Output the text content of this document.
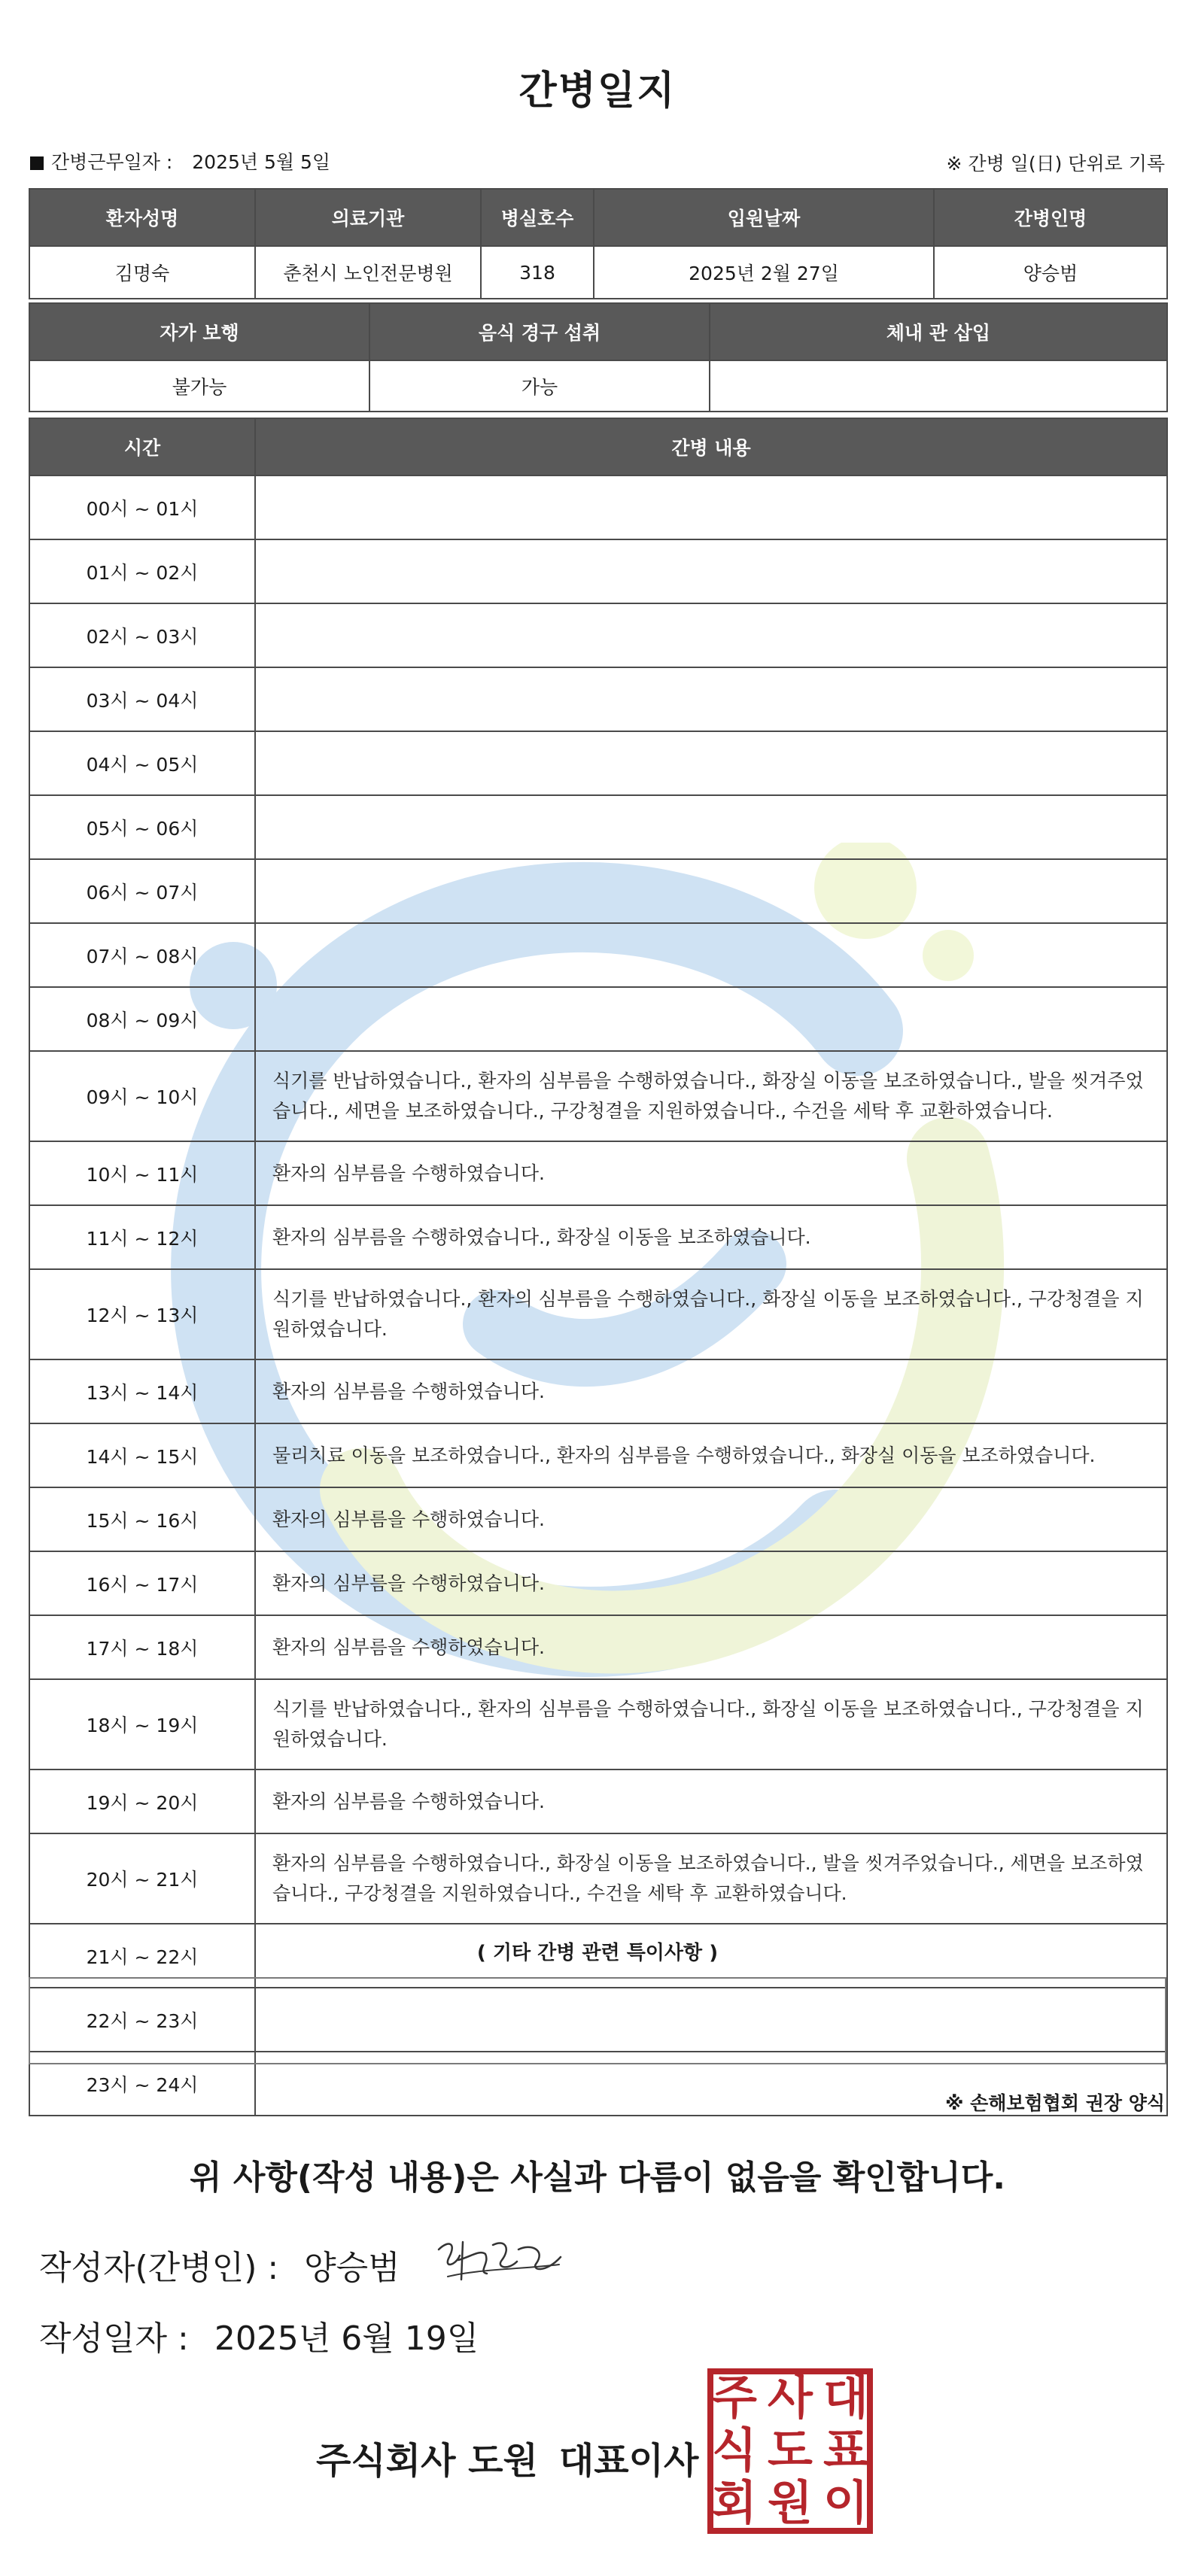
간병일지
간병근무일자 : 2025년 5월 5일	※ 간병 일(日) 단위로 기록
환자성명	의료기관	병실호수	입원날짜	간병인명
김명숙	춘천시 노인전문병원	318	2025년 2월 27일	양승범
자가 보행	음식 경구 섭취	체내 관 삽입
불가능	가능	
시간	간병 내용
00시 ~ 01시	
01시 ~ 02시	
02시 ~ 03시	
03시 ~ 04시	
04시 ~ 05시	
05시 ~ 06시	
06시 ~ 07시	
07시 ~ 08시	
08시 ~ 09시	
09시 ~ 10시	식기를 반납하였습니다., 환자의 심부름을 수행하였습니다., 화장실 이동을 보조하였습니다., 발을 씻겨주었습니다., 세면을 보조하였습니다., 구강청결을 지원하였습니다., 수건을 세탁 후 교환하였습니다.
10시 ~ 11시	환자의 심부름을 수행하였습니다.
11시 ~ 12시	환자의 심부름을 수행하였습니다., 화장실 이동을 보조하였습니다.
12시 ~ 13시	식기를 반납하였습니다., 환자의 심부름을 수행하였습니다., 화장실 이동을 보조하였습니다., 구강청결을 지원하였습니다.
13시 ~ 14시	환자의 심부름을 수행하였습니다.
14시 ~ 15시	물리치료 이동을 보조하였습니다., 환자의 심부름을 수행하였습니다., 화장실 이동을 보조하였습니다.
15시 ~ 16시	환자의 심부름을 수행하였습니다.
16시 ~ 17시	환자의 심부름을 수행하였습니다.
17시 ~ 18시	환자의 심부름을 수행하였습니다.
18시 ~ 19시	식기를 반납하였습니다., 환자의 심부름을 수행하였습니다., 화장실 이동을 보조하였습니다., 구강청결을 지원하였습니다.
19시 ~ 20시	환자의 심부름을 수행하였습니다.
20시 ~ 21시	환자의 심부름을 수행하였습니다., 화장실 이동을 보조하였습니다., 발을 씻겨주었습니다., 세면을 보조하였습니다., 구강청결을 지원하였습니다., 수건을 세탁 후 교환하였습니다.
21시 ~ 22시	
22시 ~ 23시	
23시 ~ 24시	
( 기타 간병 관련 특이사항 )
※ 손해보험협회 권장 양식
위 사항(작성 내용)은 사실과 다름이 없음을 확인합니다.
작성자(간병인) : 양승범
작성일자 : 2025년 6월 19일
주식회사 도원 대표이사
주
식
회
사
도
원
대
표
이
